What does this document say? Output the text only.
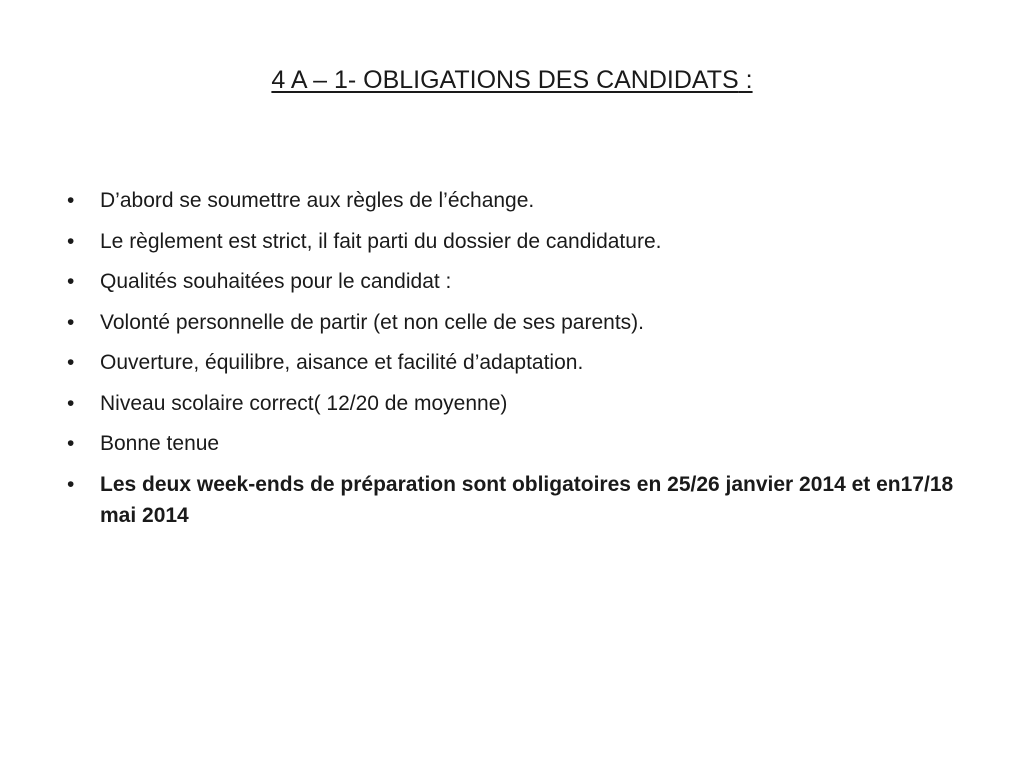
4 A – 1- OBLIGATIONS DES CANDIDATS :
• D’abord se soumettre aux règles de l’échange.
• Le règlement est strict, il fait parti du dossier de candidature.
• Qualités souhaitées pour le candidat :
• Volonté personnelle de partir (et non celle de ses parents).
• Ouverture, équilibre, aisance et facilité d’adaptation.
• Niveau scolaire correct( 12/20 de moyenne)
• Bonne tenue
• Les deux week-ends de préparation sont obligatoires en 25/26 janvier 2014 et en17/18 mai 2014
